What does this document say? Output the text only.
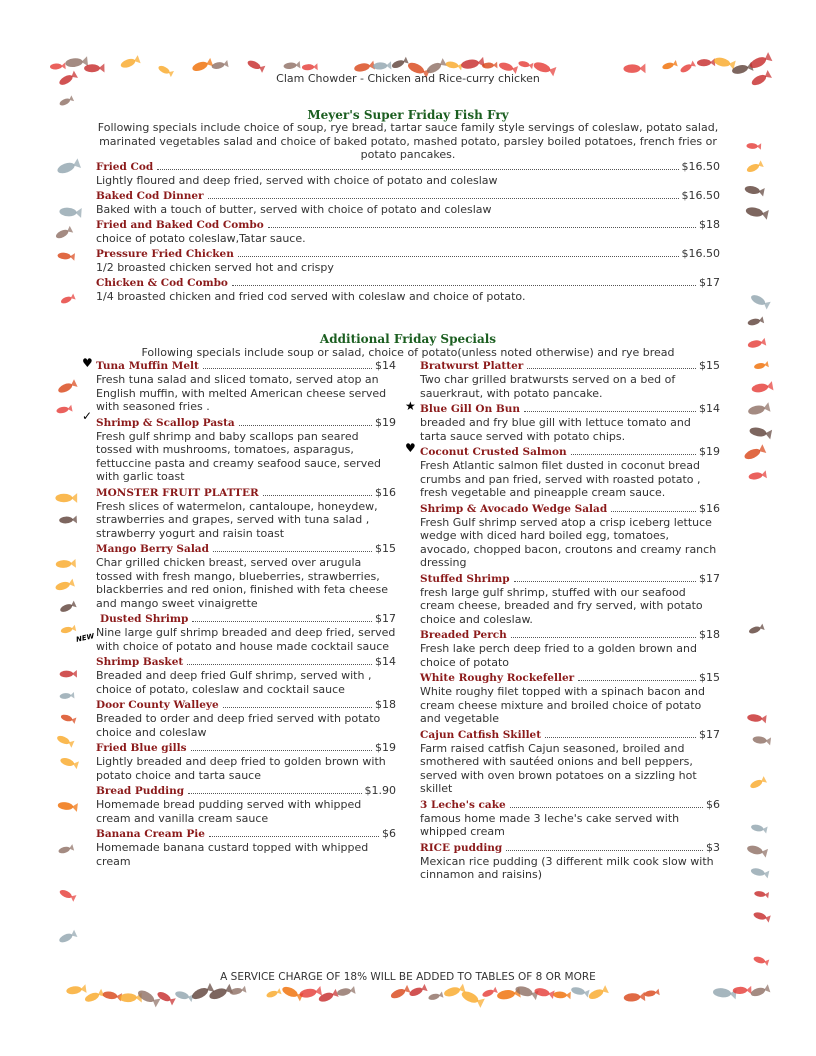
Clam Chowder - Chicken and Rice-curry chicken
Meyer's Super Friday Fish Fry
Following specials include choice of soup, rye bread, tartar sauce family style servings of coleslaw, potato salad, marinated vegetables salad and choice of baked potato, mashed potato, parsley boiled potatoes, french fries or potato pancakes.
Fried Cod	$16.50
Lightly floured and deep fried, served with choice of potato and coleslaw
Baked Cod Dinner	$16.50
Baked with a touch of butter, served with choice of potato and coleslaw
Fried and Baked Cod Combo	$18
choice of potato coleslaw,Tatar sauce.
Pressure Fried Chicken	$16.50
1/2 broasted chicken served hot and crispy
Chicken & Cod Combo	$17
1/4 broasted chicken and fried cod served with coleslaw and choice of potato.
Additional Friday Specials
Following specials include soup or salad, choice of potato(unless noted otherwise) and rye bread
♥
✓
NEW
★
♥
Tuna Muffin Melt	$14
Fresh tuna salad and sliced tomato, served atop an English muffin, with melted American cheese served with seasoned fries .
Shrimp & Scallop Pasta	$19
Fresh gulf shrimp and baby scallops pan seared tossed with mushrooms, tomatoes, asparagus, fettuccine pasta and creamy seafood sauce, served with garlic toast
MONSTER FRUIT PLATTER	$16
Fresh slices of watermelon, cantaloupe, honeydew, strawberries and grapes, served with tuna salad , strawberry yogurt and raisin toast
Mango Berry Salad	$15
Char grilled chicken breast, served over arugula tossed with fresh mango, blueberries, strawberries, blackberries and red onion, finished with feta cheese and mango sweet vinaigrette
Dusted Shrimp	$17
Nine large gulf shrimp breaded and deep fried, served with choice of potato and house made cocktail sauce
Shrimp Basket	$14
Breaded and deep fried Gulf shrimp, served with , choice of potato, coleslaw and cocktail sauce
Door County Walleye	$18
Breaded to order and deep fried served with potato choice and coleslaw
Fried Blue gills	$19
Lightly breaded and deep fried to golden brown with potato choice and tarta sauce
Bread Pudding	$1.90
Homemade bread pudding served with whipped cream and vanilla cream sauce
Banana Cream Pie	$6
Homemade banana custard topped with whipped cream
Bratwurst Platter	$15
Two char grilled bratwursts served on a bed of sauerkraut, with potato pancake.
Blue Gill On Bun	$14
breaded and fry blue gill with lettuce tomato and tarta sauce served with potato chips.
Coconut Crusted Salmon	$19
Fresh Atlantic salmon filet dusted in coconut bread crumbs and pan fried, served with roasted potato , fresh vegetable and pineapple cream sauce.
Shrimp & Avocado Wedge Salad	$16
Fresh Gulf shrimp served atop a crisp iceberg lettuce wedge with diced hard boiled egg, tomatoes, avocado, chopped bacon, croutons and creamy ranch dressing
Stuffed Shrimp	$17
fresh large gulf shrimp, stuffed with our seafood cream cheese, breaded and fry served, with potato choice and coleslaw.
Breaded Perch	$18
Fresh lake perch deep fried to a golden brown and choice of potato
White Roughy Rockefeller	$15
White roughy filet topped with a spinach bacon and cream cheese mixture and broiled choice of potato and vegetable
Cajun Catfish Skillet	$17
Farm raised catfish Cajun seasoned, broiled and smothered with sautéed onions and bell peppers, served with oven brown potatoes on a sizzling hot skillet
3 Leche's cake	$6
famous home made 3 leche's cake served with whipped cream
RICE pudding	$3
Mexican rice pudding (3 different milk cook slow with cinnamon and raisins)
A SERVICE CHARGE OF 18% WILL BE ADDED TO TABLES OF 8 OR MORE
